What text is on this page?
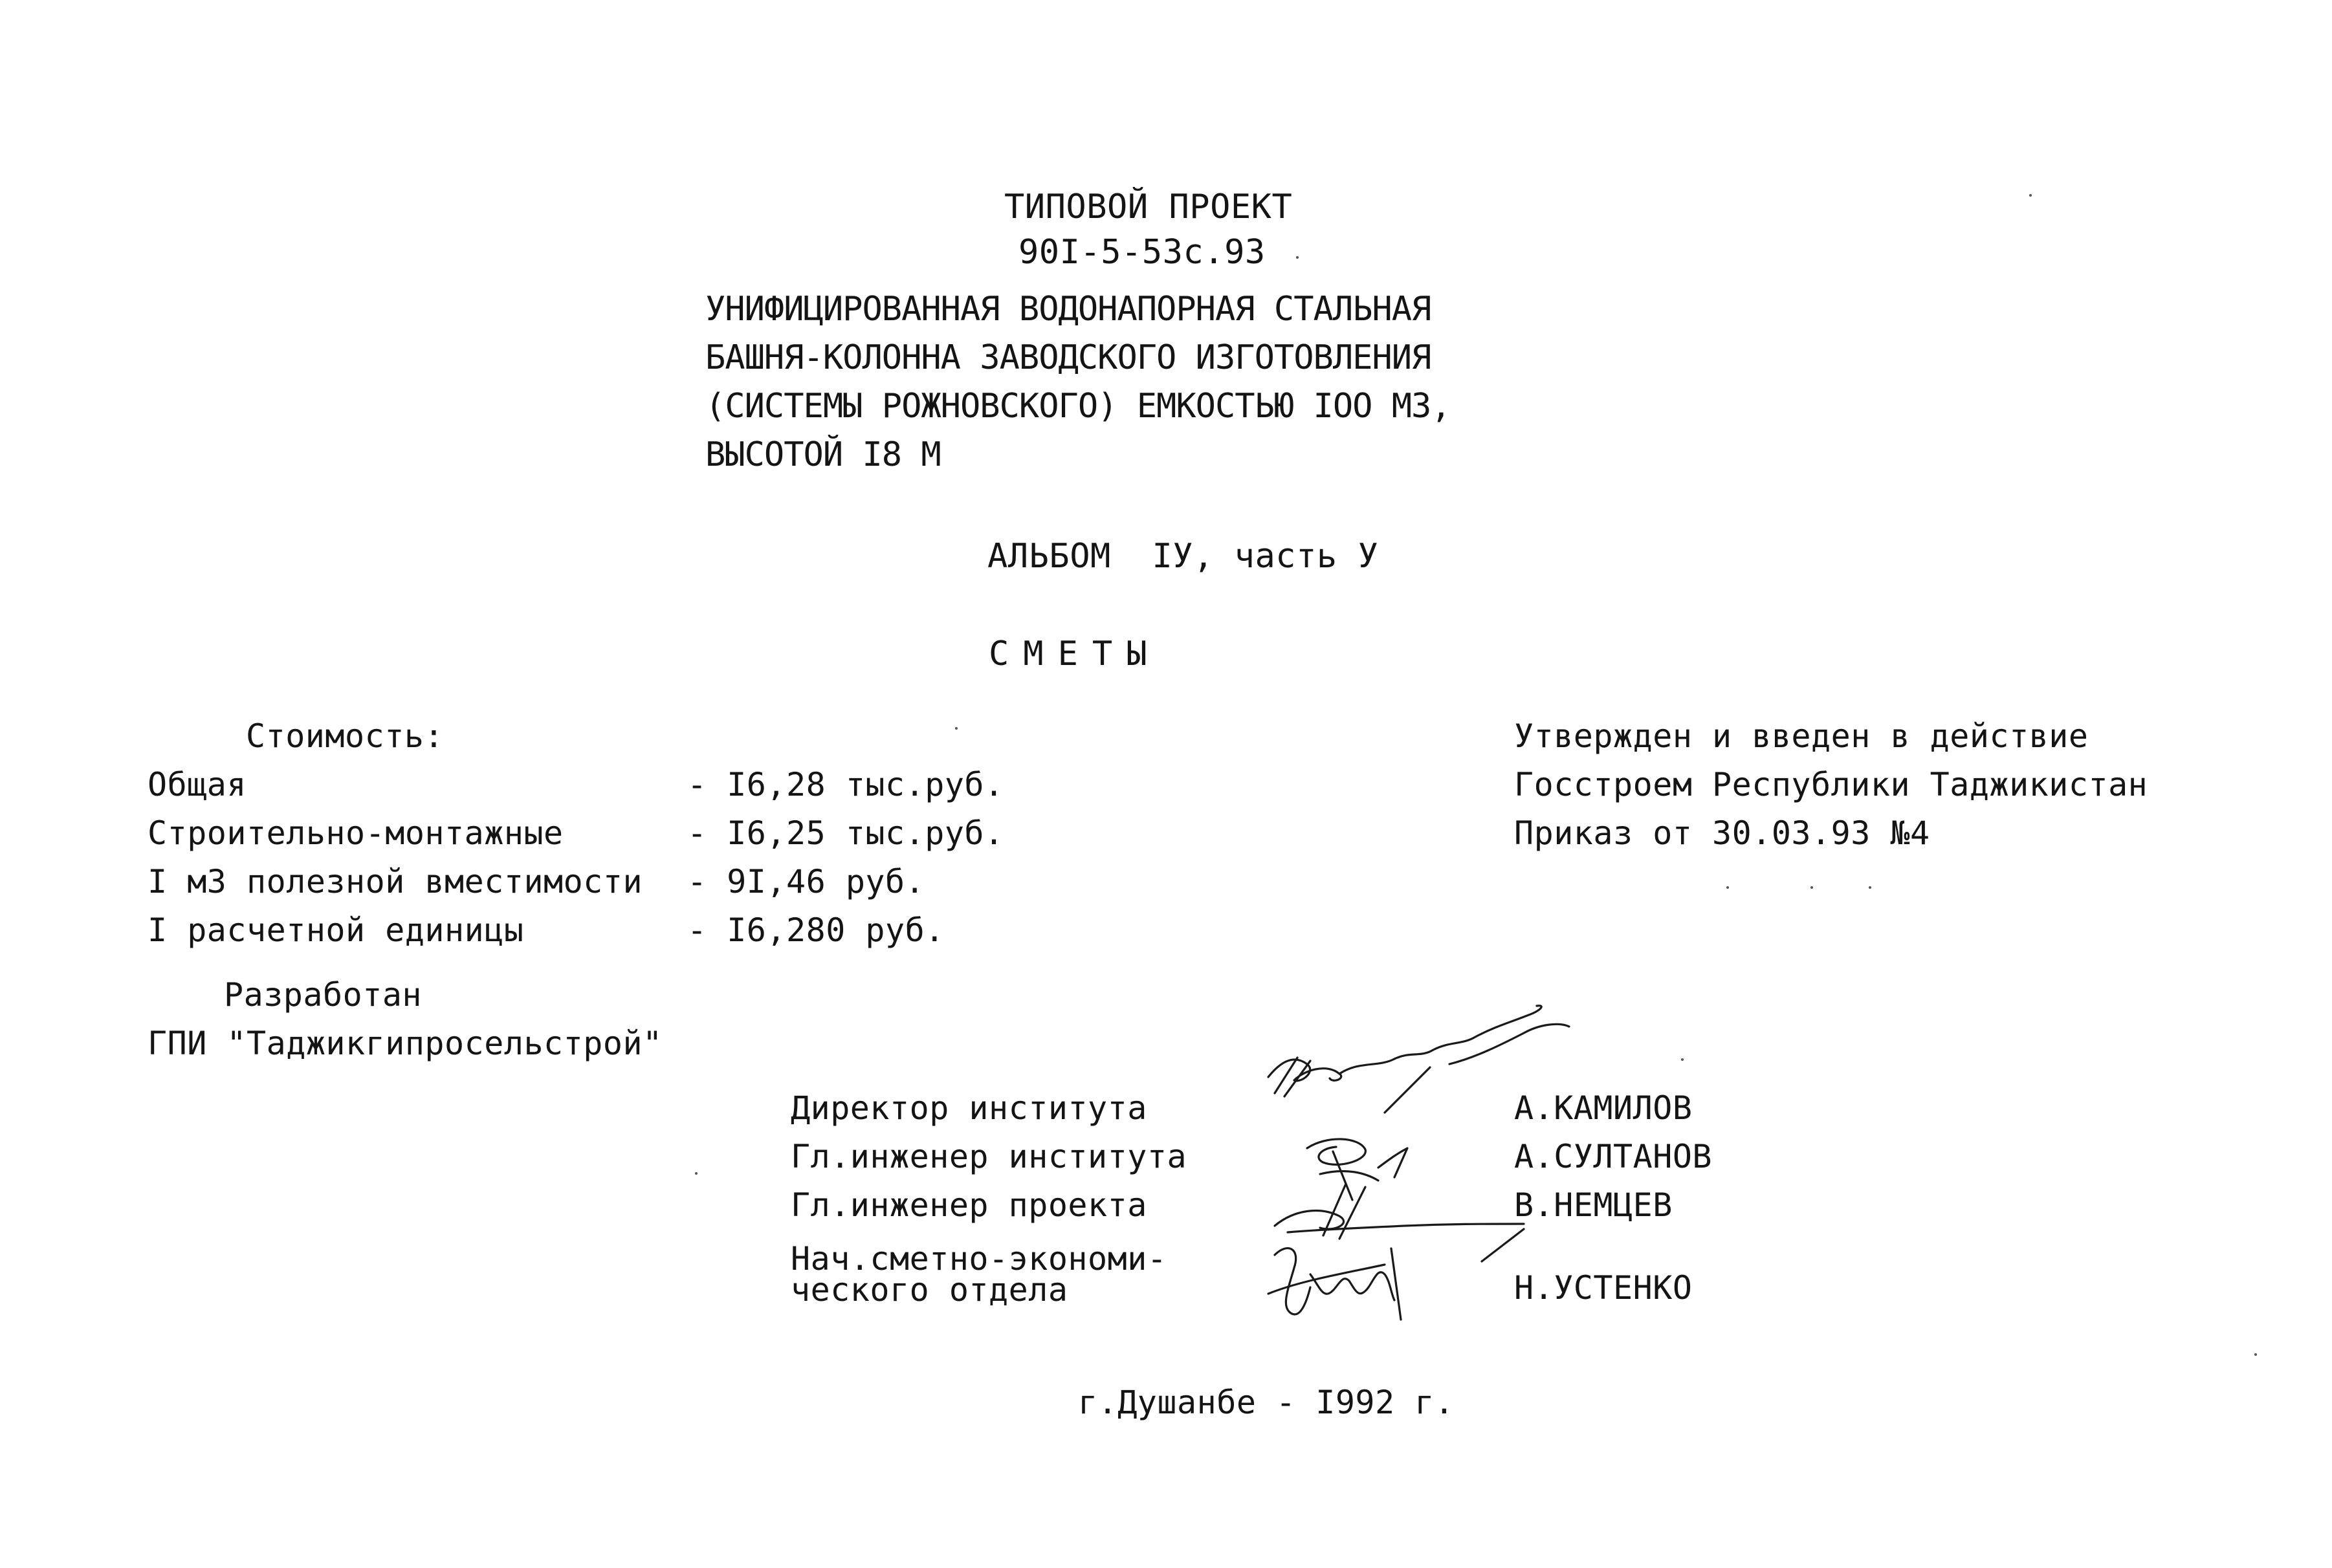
ТИПОВОЙ ПРОЕКТ
90I-5-53c.93
УНИФИЦИРОВАННАЯ ВОДОНАПОРНАЯ СТАЛЬНАЯ
БАШНЯ-КОЛОННА ЗАВОДСКОГО ИЗГОТОВЛЕНИЯ
(СИСТЕМЫ РОЖНОВСКОГО) ЕМКОСТЬЮ IOO МЗ,
ВЫСОТОЙ I8 М
АЛЬБОМ  IУ, часть У
СМЕТЫ
Стоимость:
Общая	- I6,28 тыс.руб.
Строительно-монтажные	- I6,25 тыс.руб.
I м3 полезной вместимости - 9I,46 руб.
I расчетной единицы	- I6,280 руб.
Утвержден и введен в действие
Госстроем Республики Таджикистан
Приказ от 30.03.93 №4
Разработан
ГПИ "Таджикгипросельстрой"
Директор института	А.КАМИЛОВ
Гл.инженер института	А.СУЛТАНОВ
Гл.инженер проекта	В.НЕМЦЕВ
Нач.сметно-экономи-
ческого отдела	Н.УСТЕНКО
г.Душанбе - I992 г.
